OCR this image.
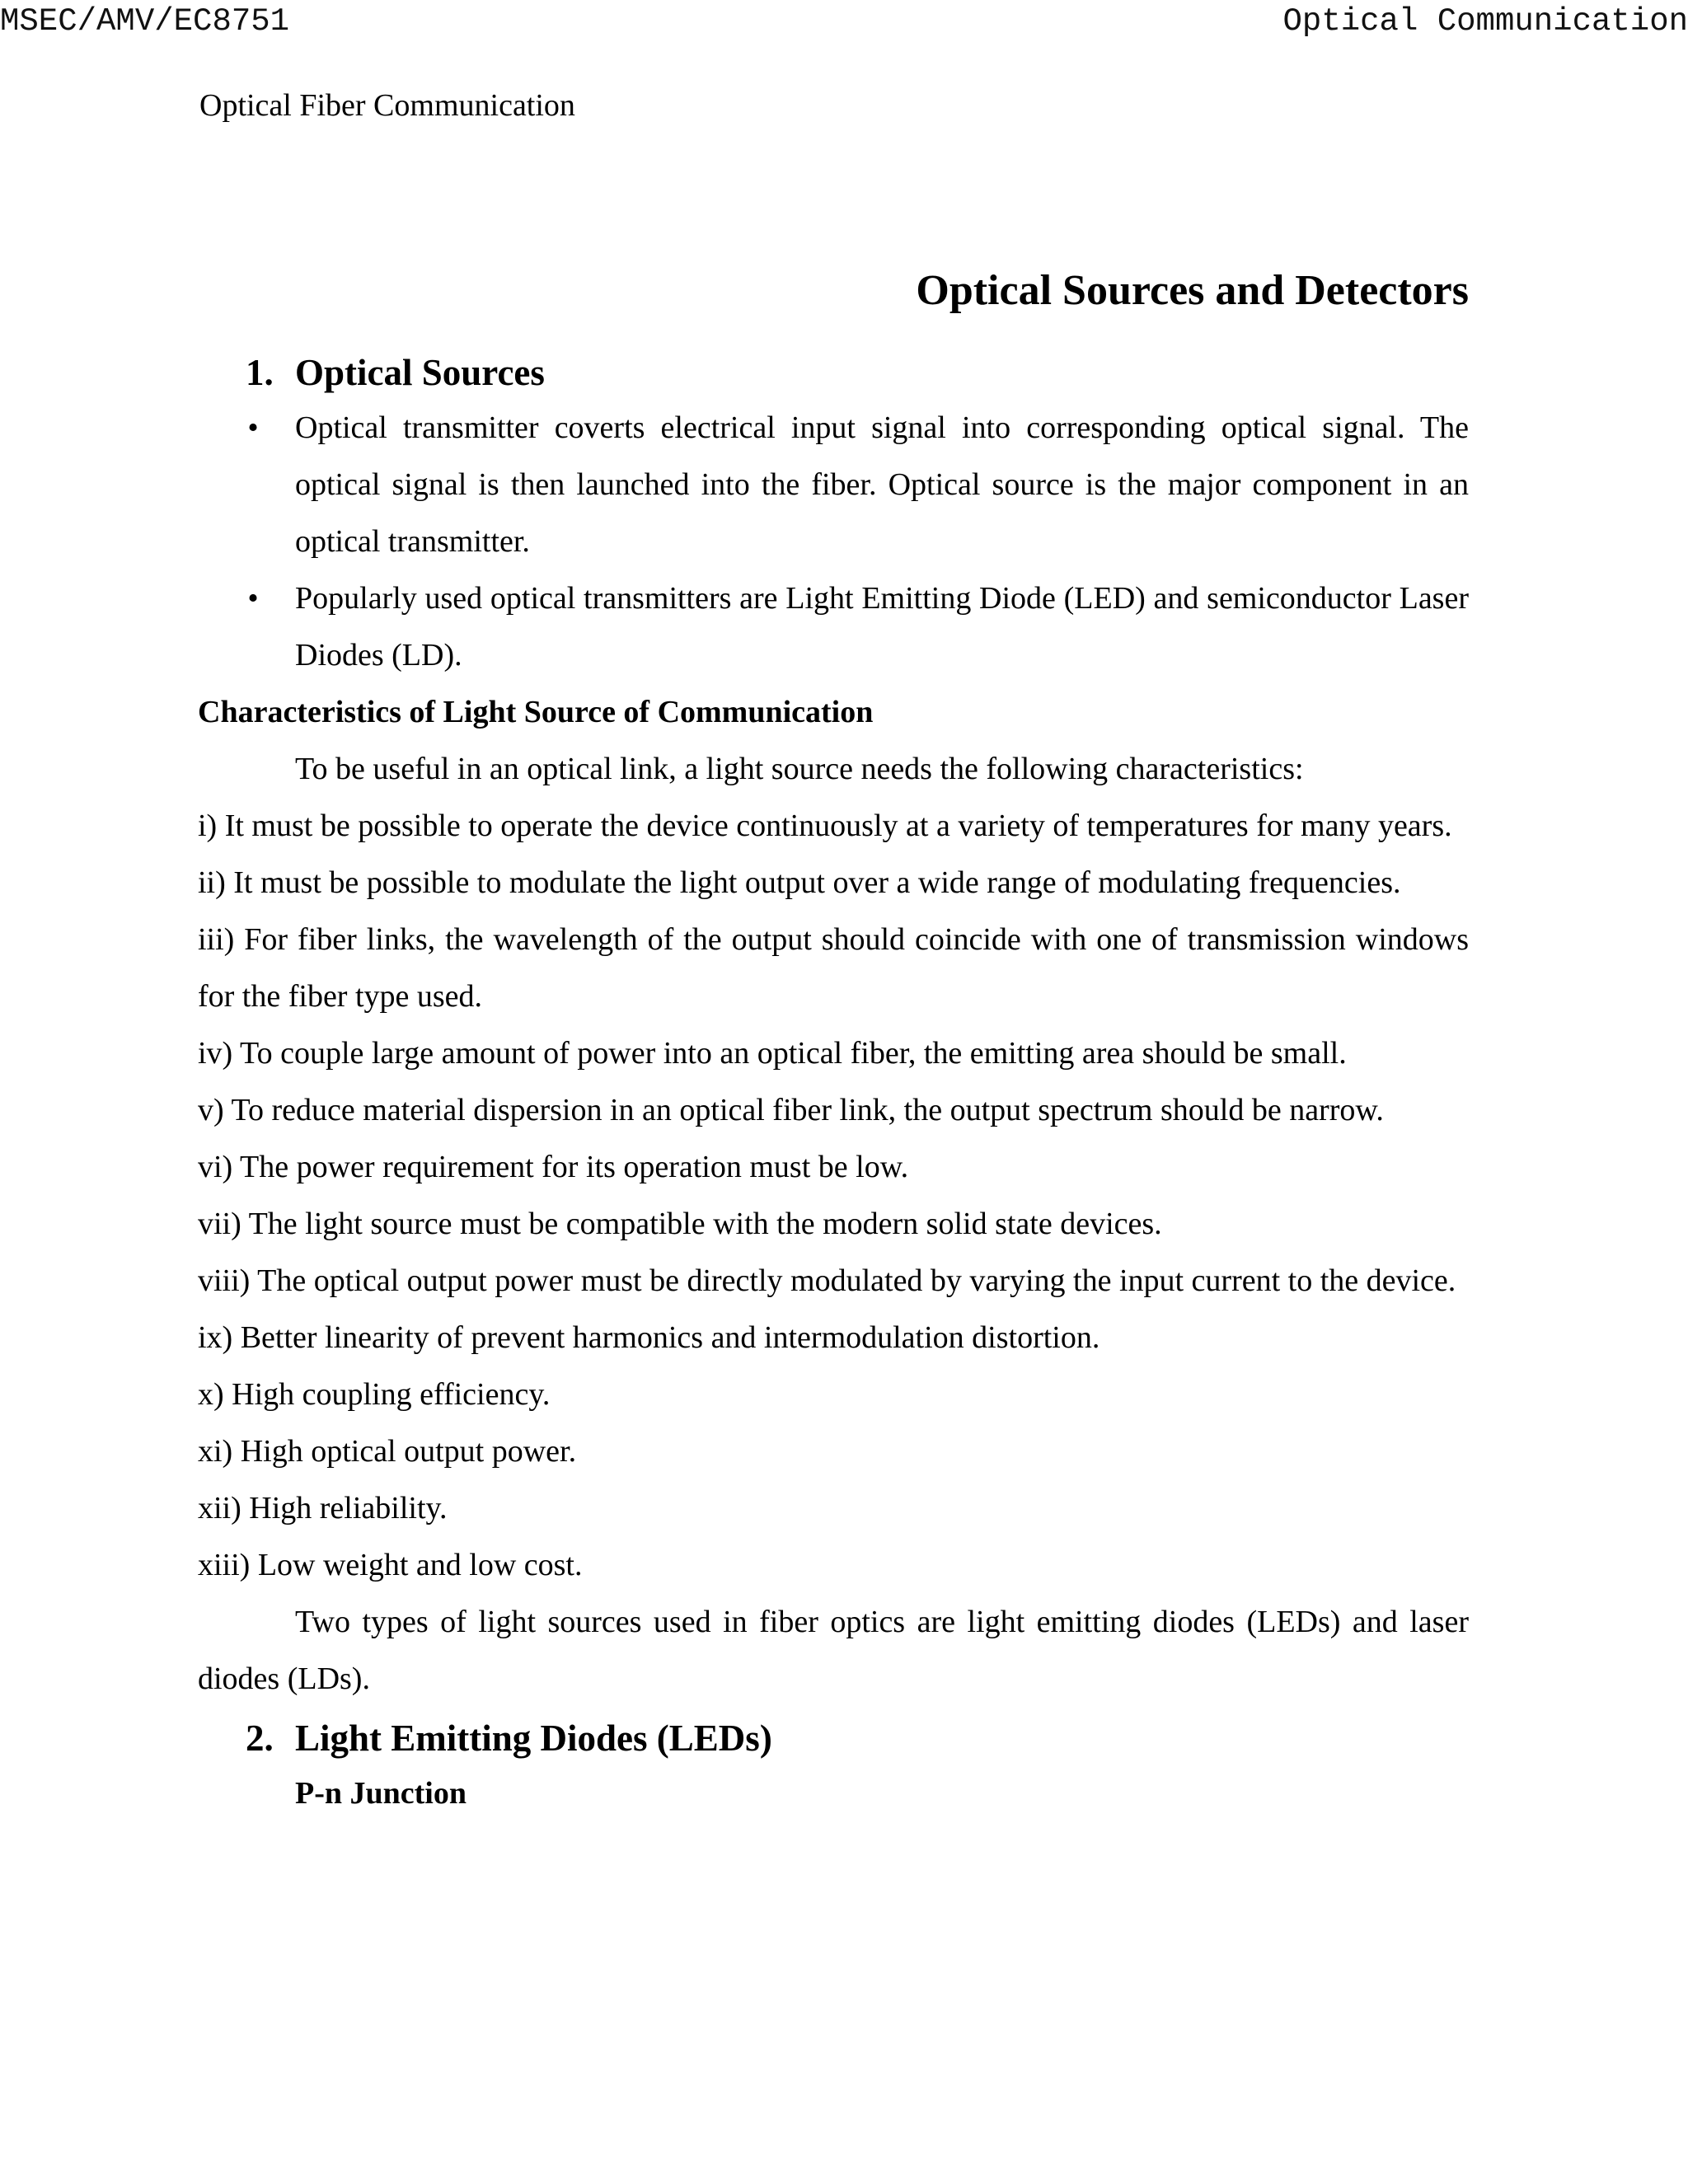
MSEC/AMV/EC8751	Optical Communication
Optical Fiber Communication
Optical Sources and Detectors
1. Optical Sources
• Optical transmitter coverts electrical input signal into corresponding optical signal. The optical signal is then launched into the fiber. Optical source is the major component in an optical transmitter.
• Popularly used optical transmitters are Light Emitting Diode (LED) and semiconductor Laser Diodes (LD).

Characteristics of Light Source of Communication

To be useful in an optical link, a light source needs the following characteristics:

i) It must be possible to operate the device continuously at a variety of temperatures for many years.
ii) It must be possible to modulate the light output over a wide range of modulating frequencies.
iii) For fiber links, the wavelength of the output should coincide with one of transmission windows for the fiber type used.
iv) To couple large amount of power into an optical fiber, the emitting area should be small.
v) To reduce material dispersion in an optical fiber link, the output spectrum should be narrow.
vi) The power requirement for its operation must be low.
vii) The light source must be compatible with the modern solid state devices.
viii) The optical output power must be directly modulated by varying the input current to the device.
ix) Better linearity of prevent harmonics and intermodulation distortion.
x) High coupling efficiency.
xi) High optical output power.
xii) High reliability.
xiii) Low weight and low cost.

Two types of light sources used in fiber optics are light emitting diodes (LEDs) and laser diodes (LDs).

2. Light Emitting Diodes (LEDs)

P-n Junction
